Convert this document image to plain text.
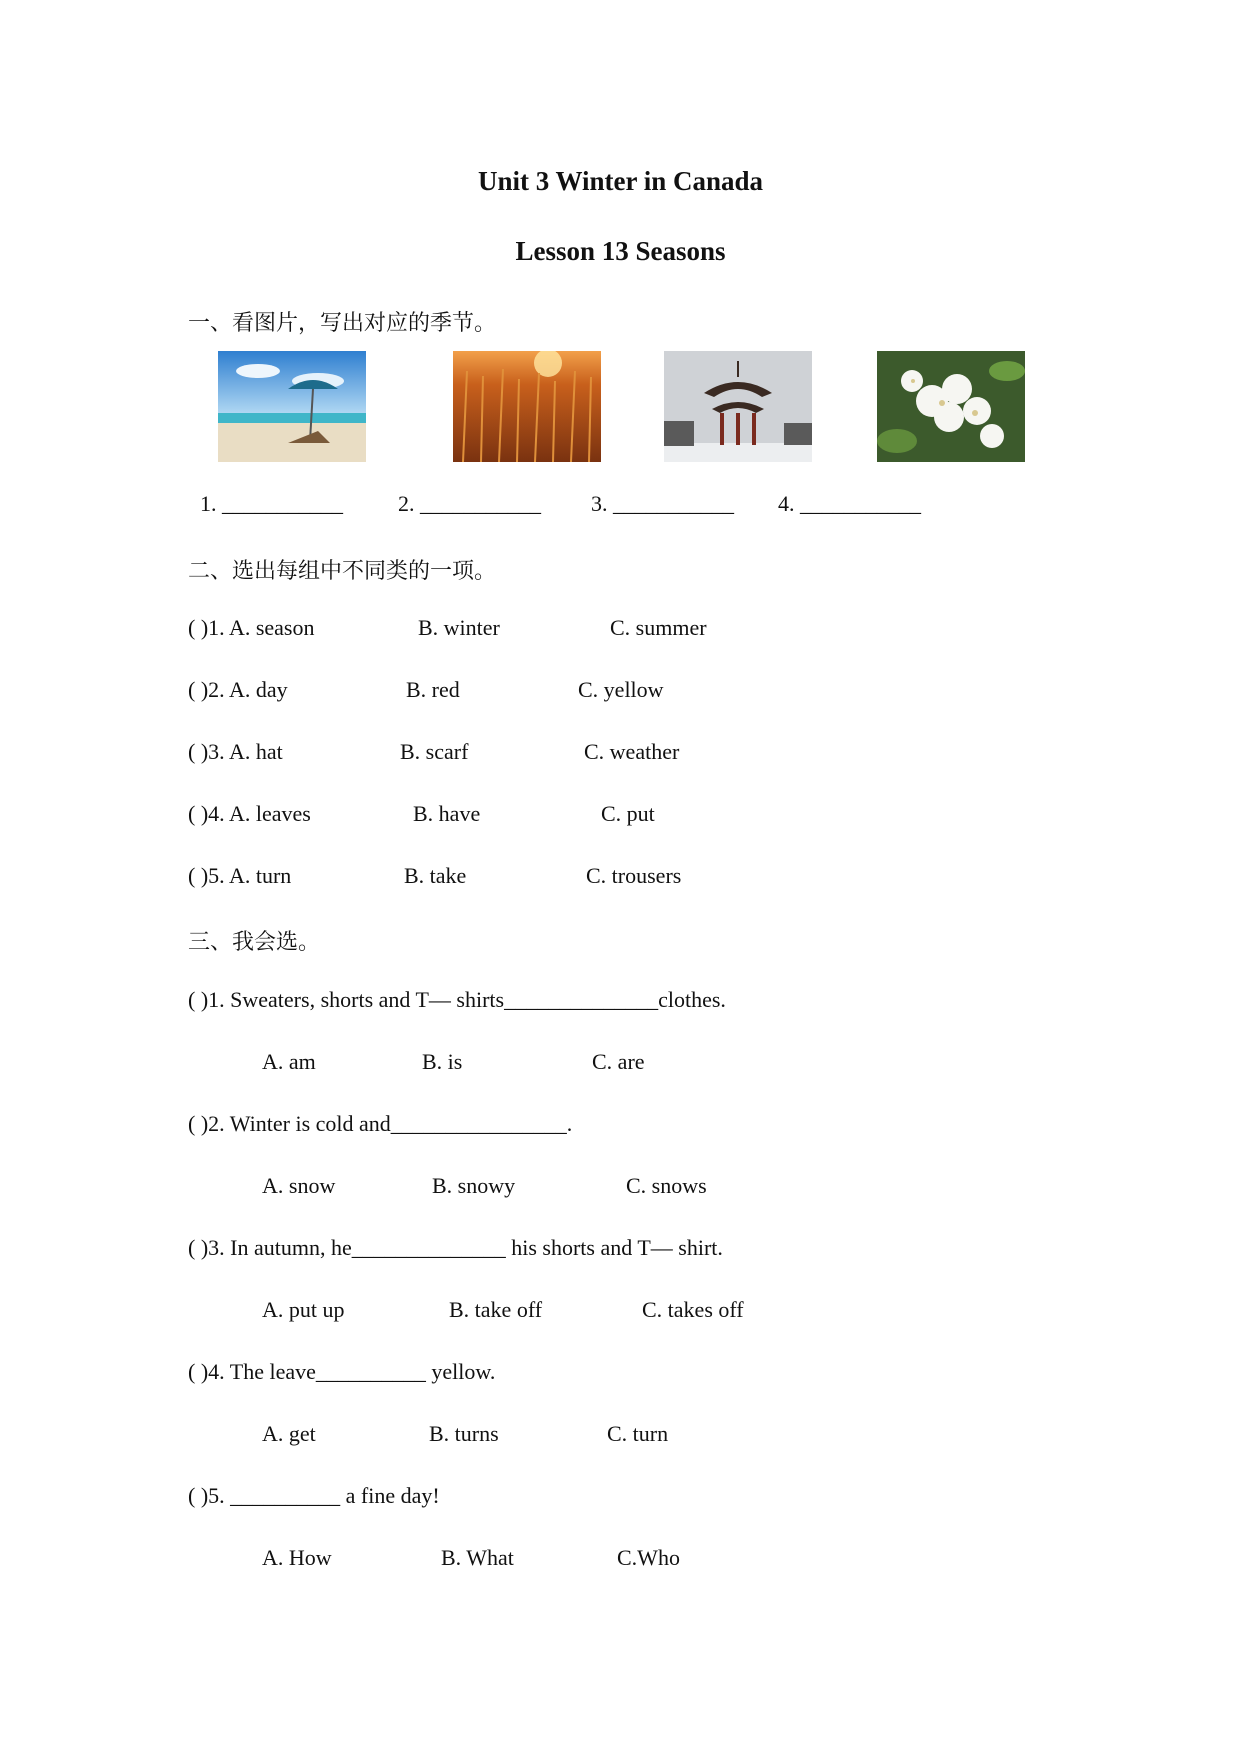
Unit 3 Winter in Canada
Lesson 13 Seasons
一、看图片，写出对应的季节。
1. ___________	2. ___________ 3. ___________ 4. ___________
二、选出每组中不同类的一项。
( )1. A. season	B. winter	C. summer
( )2. A. day	B. red	C. yellow
( )3. A. hat	B. scarf	C. weather
( )4. A. leaves	B. have	C. put
( )5. A. turn	B. take	C. trousers
三、我会选。
( )1. Sweaters, shorts and T— shirts______________clothes.
A. am	B. is	C. are
( )2. Winter is cold and________________.
A. snow	B. snowy	C. snows
( )3. In autumn, he______________ his shorts and T— shirt.
A. put up	B. take off	C. takes off
( )4. The leave__________ yellow.
A. get	B. turns	C. turn
( )5. __________ a fine day!
A. How	B. What	C.Who
